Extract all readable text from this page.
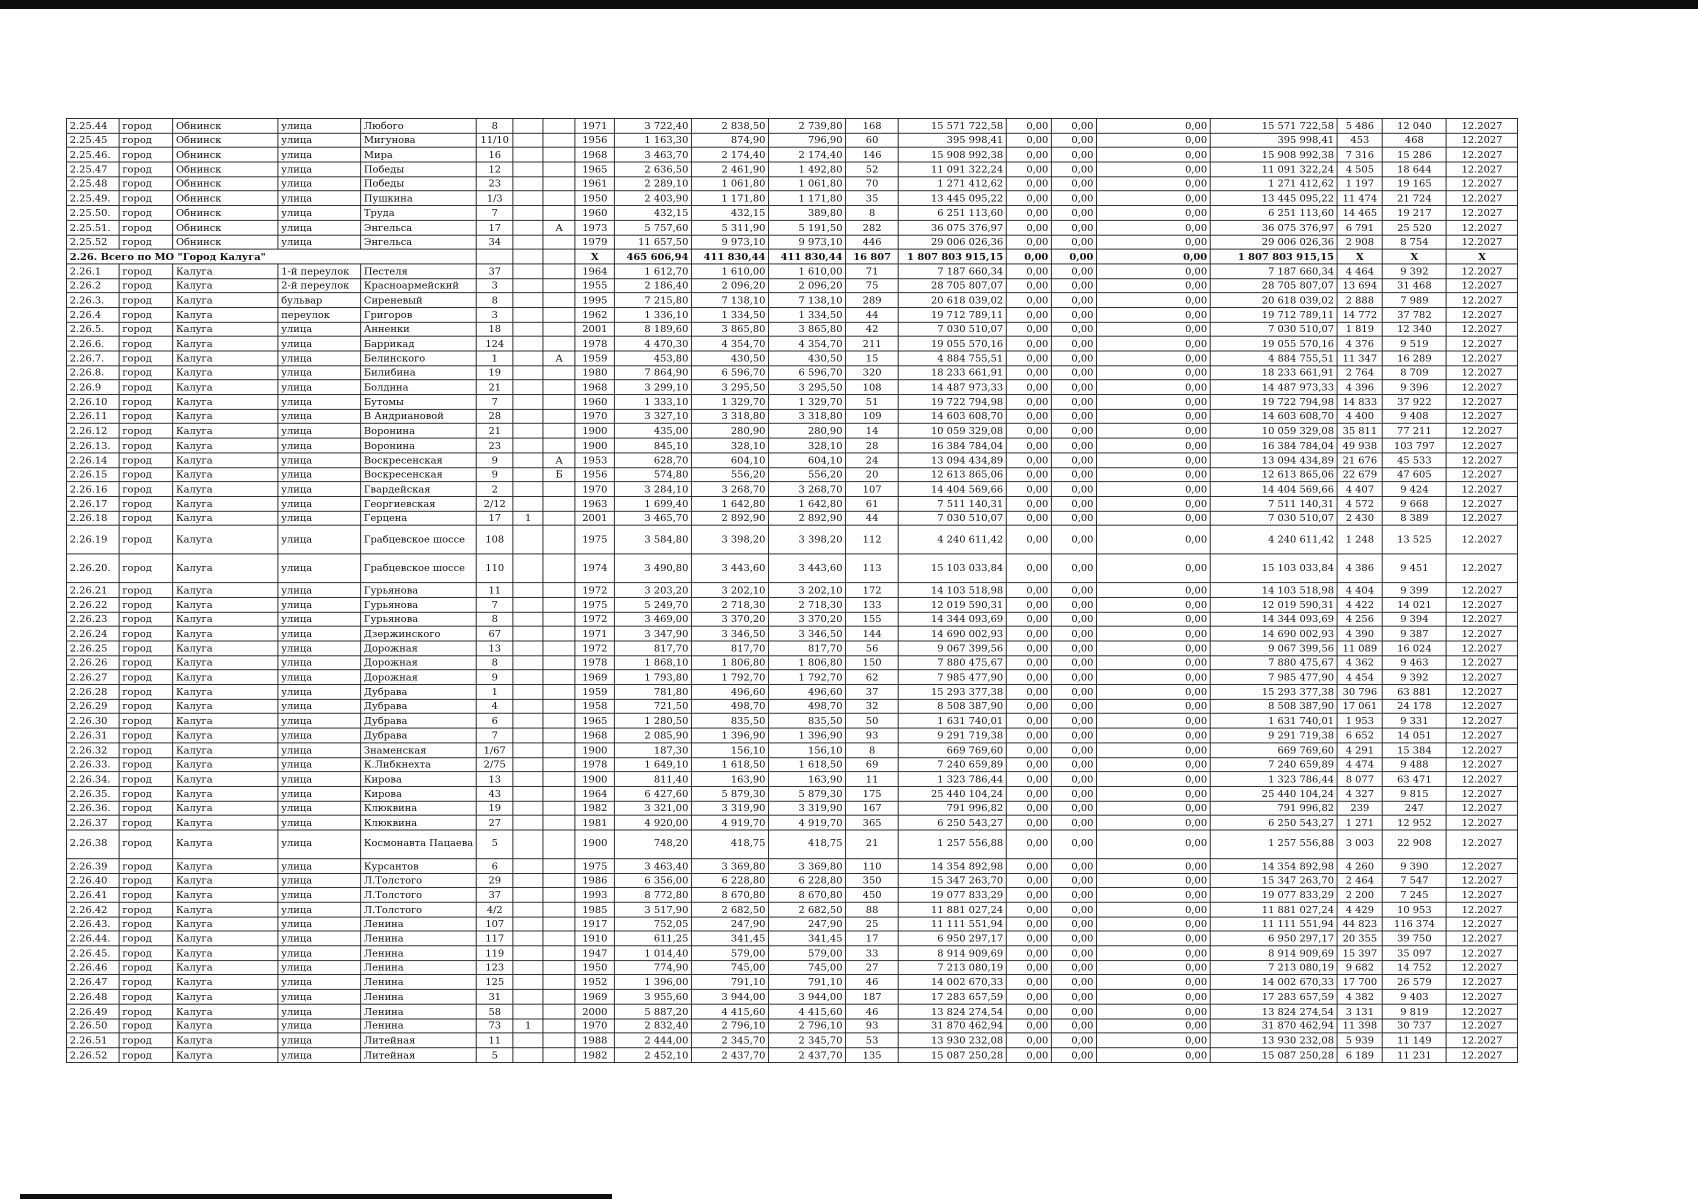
2.25.44	город	Обнинск	улица	Любого	8			1971	3 722,40	2 838,50	2 739,80	168	15 571 722,58	0,00	0,00	0,00	15 571 722,58	5 486	12 040	12.2027
2.25.45	город	Обнинск	улица	Мигунова	11/10			1956	1 163,30	874,90	796,90	60	395 998,41	0,00	0,00	0,00	395 998,41	453	468	12.2027
2.25.46.	город	Обнинск	улица	Мира	16			1968	3 463,70	2 174,40	2 174,40	146	15 908 992,38	0,00	0,00	0,00	15 908 992,38	7 316	15 286	12.2027
2.25.47	город	Обнинск	улица	Победы	12			1965	2 636,50	2 461,90	1 492,80	52	11 091 322,24	0,00	0,00	0,00	11 091 322,24	4 505	18 644	12.2027
2.25.48	город	Обнинск	улица	Победы	23			1961	2 289,10	1 061,80	1 061,80	70	1 271 412,62	0,00	0,00	0,00	1 271 412,62	1 197	19 165	12.2027
2.25.49.	город	Обнинск	улица	Пушкина	1/3			1950	2 403,90	1 171,80	1 171,80	35	13 445 095,22	0,00	0,00	0,00	13 445 095,22	11 474	21 724	12.2027
2.25.50.	город	Обнинск	улица	Труда	7			1960	432,15	432,15	389,80	8	6 251 113,60	0,00	0,00	0,00	6 251 113,60	14 465	19 217	12.2027
2.25.51.	город	Обнинск	улица	Энгельса	17		А	1973	5 757,60	5 311,90	5 191,50	282	36 075 376,97	0,00	0,00	0,00	36 075 376,97	6 791	25 520	12.2027
2.25.52	город	Обнинск	улица	Энгельса	34			1979	11 657,50	9 973,10	9 973,10	446	29 006 026,36	0,00	0,00	0,00	29 006 026,36	2 908	8 754	12.2027
2.26. Всего по МО "Город Калуга"								X	465 606,94	411 830,44	411 830,44	16 807	1 807 803 915,15	0,00	0,00	0,00	1 807 803 915,15	X	X	X
2.26.1	город	Калуга	1-й переулок	Пестеля	37			1964	1 612,70	1 610,00	1 610,00	71	7 187 660,34	0,00	0,00	0,00	7 187 660,34	4 464	9 392	12.2027
2.26.2	город	Калуга	2-й переулок	Красноармейский	3			1955	2 186,40	2 096,20	2 096,20	75	28 705 807,07	0,00	0,00	0,00	28 705 807,07	13 694	31 468	12.2027
2.26.3.	город	Калуга	бульвар	Сиреневый	8			1995	7 215,80	7 138,10	7 138,10	289	20 618 039,02	0,00	0,00	0,00	20 618 039,02	2 888	7 989	12.2027
2.26.4	город	Калуга	переулок	Григоров	3			1962	1 336,10	1 334,50	1 334,50	44	19 712 789,11	0,00	0,00	0,00	19 712 789,11	14 772	37 782	12.2027
2.26.5.	город	Калуга	улица	Анненки	18			2001	8 189,60	3 865,80	3 865,80	42	7 030 510,07	0,00	0,00	0,00	7 030 510,07	1 819	12 340	12.2027
2.26.6.	город	Калуга	улица	Баррикад	124			1978	4 470,30	4 354,70	4 354,70	211	19 055 570,16	0,00	0,00	0,00	19 055 570,16	4 376	9 519	12.2027
2.26.7.	город	Калуга	улица	Белинского	1		А	1959	453,80	430,50	430,50	15	4 884 755,51	0,00	0,00	0,00	4 884 755,51	11 347	16 289	12.2027
2.26.8.	город	Калуга	улица	Билибина	19			1980	7 864,90	6 596,70	6 596,70	320	18 233 661,91	0,00	0,00	0,00	18 233 661,91	2 764	8 709	12.2027
2.26.9	город	Калуга	улица	Болдина	21			1968	3 299,10	3 295,50	3 295,50	108	14 487 973,33	0,00	0,00	0,00	14 487 973,33	4 396	9 396	12.2027
2.26.10	город	Калуга	улица	Бутомы	7			1960	1 333,10	1 329,70	1 329,70	51	19 722 794,98	0,00	0,00	0,00	19 722 794,98	14 833	37 922	12.2027
2.26.11	город	Калуга	улица	В Андриановой	28			1970	3 327,10	3 318,80	3 318,80	109	14 603 608,70	0,00	0,00	0,00	14 603 608,70	4 400	9 408	12.2027
2.26.12	город	Калуга	улица	Воронина	21			1900	435,00	280,90	280,90	14	10 059 329,08	0,00	0,00	0,00	10 059 329,08	35 811	77 211	12.2027
2.26.13.	город	Калуга	улица	Воронина	23			1900	845,10	328,10	328,10	28	16 384 784,04	0,00	0,00	0,00	16 384 784,04	49 938	103 797	12.2027
2.26.14	город	Калуга	улица	Воскресенская	9		А	1953	628,70	604,10	604,10	24	13 094 434,89	0,00	0,00	0,00	13 094 434,89	21 676	45 533	12.2027
2.26.15	город	Калуга	улица	Воскресенская	9		Б	1956	574,80	556,20	556,20	20	12 613 865,06	0,00	0,00	0,00	12 613 865,06	22 679	47 605	12.2027
2.26.16	город	Калуга	улица	Гвардейская	2			1970	3 284,10	3 268,70	3 268,70	107	14 404 569,66	0,00	0,00	0,00	14 404 569,66	4 407	9 424	12.2027
2.26.17	город	Калуга	улица	Георгиевская	2/12			1963	1 699,40	1 642,80	1 642,80	61	7 511 140,31	0,00	0,00	0,00	7 511 140,31	4 572	9 668	12.2027
2.26.18	город	Калуга	улица	Герцена	17	1		2001	3 465,70	2 892,90	2 892,90	44	7 030 510,07	0,00	0,00	0,00	7 030 510,07	2 430	8 389	12.2027
2.26.19	город	Калуга	улица	Грабцевское шоссе	108			1975	3 584,80	3 398,20	3 398,20	112	4 240 611,42	0,00	0,00	0,00	4 240 611,42	1 248	13 525	12.2027
2.26.20.	город	Калуга	улица	Грабцевское шоссе	110			1974	3 490,80	3 443,60	3 443,60	113	15 103 033,84	0,00	0,00	0,00	15 103 033,84	4 386	9 451	12.2027
2.26.21	город	Калуга	улица	Гурьянова	11			1972	3 203,20	3 202,10	3 202,10	172	14 103 518,98	0,00	0,00	0,00	14 103 518,98	4 404	9 399	12.2027
2.26.22	город	Калуга	улица	Гурьянова	7			1975	5 249,70	2 718,30	2 718,30	133	12 019 590,31	0,00	0,00	0,00	12 019 590,31	4 422	14 021	12.2027
2.26.23	город	Калуга	улица	Гурьянова	8			1972	3 469,00	3 370,20	3 370,20	155	14 344 093,69	0,00	0,00	0,00	14 344 093,69	4 256	9 394	12.2027
2.26.24	город	Калуга	улица	Дзержинского	67			1971	3 347,90	3 346,50	3 346,50	144	14 690 002,93	0,00	0,00	0,00	14 690 002,93	4 390	9 387	12.2027
2.26.25	город	Калуга	улица	Дорожная	13			1972	817,70	817,70	817,70	56	9 067 399,56	0,00	0,00	0,00	9 067 399,56	11 089	16 024	12.2027
2.26.26	город	Калуга	улица	Дорожная	8			1978	1 868,10	1 806,80	1 806,80	150	7 880 475,67	0,00	0,00	0,00	7 880 475,67	4 362	9 463	12.2027
2.26.27	город	Калуга	улица	Дорожная	9			1969	1 793,80	1 792,70	1 792,70	62	7 985 477,90	0,00	0,00	0,00	7 985 477,90	4 454	9 392	12.2027
2.26.28	город	Калуга	улица	Дубрава	1			1959	781,80	496,60	496,60	37	15 293 377,38	0,00	0,00	0,00	15 293 377,38	30 796	63 881	12.2027
2.26.29	город	Калуга	улица	Дубрава	4			1958	721,50	498,70	498,70	32	8 508 387,90	0,00	0,00	0,00	8 508 387,90	17 061	24 178	12.2027
2.26.30	город	Калуга	улица	Дубрава	6			1965	1 280,50	835,50	835,50	50	1 631 740,01	0,00	0,00	0,00	1 631 740,01	1 953	9 331	12.2027
2.26.31	город	Калуга	улица	Дубрава	7			1968	2 085,90	1 396,90	1 396,90	93	9 291 719,38	0,00	0,00	0,00	9 291 719,38	6 652	14 051	12.2027
2.26.32	город	Калуга	улица	Знаменская	1/67			1900	187,30	156,10	156,10	8	669 769,60	0,00	0,00	0,00	669 769,60	4 291	15 384	12.2027
2.26.33.	город	Калуга	улица	К.Либкнехта	2/75			1978	1 649,10	1 618,50	1 618,50	69	7 240 659,89	0,00	0,00	0,00	7 240 659,89	4 474	9 488	12.2027
2.26.34.	город	Калуга	улица	Кирова	13			1900	811,40	163,90	163,90	11	1 323 786,44	0,00	0,00	0,00	1 323 786,44	8 077	63 471	12.2027
2.26.35.	город	Калуга	улица	Кирова	43			1964	6 427,60	5 879,30	5 879,30	175	25 440 104,24	0,00	0,00	0,00	25 440 104,24	4 327	9 815	12.2027
2.26.36.	город	Калуга	улица	Клюквина	19			1982	3 321,00	3 319,90	3 319,90	167	791 996,82	0,00	0,00	0,00	791 996,82	239	247	12.2027
2.26.37	город	Калуга	улица	Клюквина	27			1981	4 920,00	4 919,70	4 919,70	365	6 250 543,27	0,00	0,00	0,00	6 250 543,27	1 271	12 952	12.2027
2.26.38	город	Калуга	улица	Космонавта Пацаева	5			1900	748,20	418,75	418,75	21	1 257 556,88	0,00	0,00	0,00	1 257 556,88	3 003	22 908	12.2027
2.26.39	город	Калуга	улица	Курсантов	6			1975	3 463,40	3 369,80	3 369,80	110	14 354 892,98	0,00	0,00	0,00	14 354 892,98	4 260	9 390	12.2027
2.26.40	город	Калуга	улица	Л.Толстого	29			1986	6 356,00	6 228,80	6 228,80	350	15 347 263,70	0,00	0,00	0,00	15 347 263,70	2 464	7 547	12.2027
2.26.41	город	Калуга	улица	Л.Толстого	37			1993	8 772,80	8 670,80	8 670,80	450	19 077 833,29	0,00	0,00	0,00	19 077 833,29	2 200	7 245	12.2027
2.26.42	город	Калуга	улица	Л.Толстого	4/2			1985	3 517,90	2 682,50	2 682,50	88	11 881 027,24	0,00	0,00	0,00	11 881 027,24	4 429	10 953	12.2027
2.26.43.	город	Калуга	улица	Ленина	107			1917	752,05	247,90	247,90	25	11 111 551,94	0,00	0,00	0,00	11 111 551,94	44 823	116 374	12.2027
2.26.44.	город	Калуга	улица	Ленина	117			1910	611,25	341,45	341,45	17	6 950 297,17	0,00	0,00	0,00	6 950 297,17	20 355	39 750	12.2027
2.26.45.	город	Калуга	улица	Ленина	119			1947	1 014,40	579,00	579,00	33	8 914 909,69	0,00	0,00	0,00	8 914 909,69	15 397	35 097	12.2027
2.26.46	город	Калуга	улица	Ленина	123			1950	774,90	745,00	745,00	27	7 213 080,19	0,00	0,00	0,00	7 213 080,19	9 682	14 752	12.2027
2.26.47	город	Калуга	улица	Ленина	125			1952	1 396,00	791,10	791,10	46	14 002 670,33	0,00	0,00	0,00	14 002 670,33	17 700	26 579	12.2027
2.26.48	город	Калуга	улица	Ленина	31			1969	3 955,60	3 944,00	3 944,00	187	17 283 657,59	0,00	0,00	0,00	17 283 657,59	4 382	9 403	12.2027
2.26.49	город	Калуга	улица	Ленина	58			2000	5 887,20	4 415,60	4 415,60	46	13 824 274,54	0,00	0,00	0,00	13 824 274,54	3 131	9 819	12.2027
2.26.50	город	Калуга	улица	Ленина	73	1		1970	2 832,40	2 796,10	2 796,10	93	31 870 462,94	0,00	0,00	0,00	31 870 462,94	11 398	30 737	12.2027
2.26.51	город	Калуга	улица	Литейная	11			1988	2 444,00	2 345,70	2 345,70	53	13 930 232,08	0,00	0,00	0,00	13 930 232,08	5 939	11 149	12.2027
2.26.52	город	Калуга	улица	Литейная	5			1982	2 452,10	2 437,70	2 437,70	135	15 087 250,28	0,00	0,00	0,00	15 087 250,28	6 189	11 231	12.2027
